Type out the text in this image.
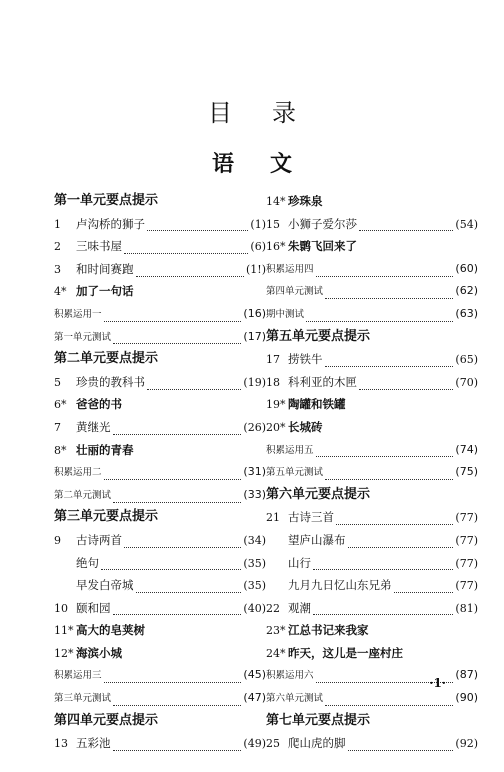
目录
语文
第一单元要点提示
1	卢沟桥的狮子	(1)
2	三味书屋	(6)
3	和时间赛跑	(1!)
4* 加了一句话
积累运用一	(16)
第一单元测试	(17)
第二单元要点提示
5	珍贵的教科书	(19)
6* 爸爸的书
7	黄继光	(26)
8* 壮丽的青春
积累运用二	(31)
第二单元测试	(33)
第三单元要点提示
9	古诗两首	(34)
绝句	(35)
早发白帝城	(35)
10 颐和园	(40)
11* 高大的皂荚树
12* 海滨小城
积累运用三	(45)
第三单元测试	(47)
第四单元要点提示
13 五彩池	(49)
14* 珍珠泉
15 小狮子爱尔莎	(54)
16* 朱鹮飞回来了
积累运用四	(60)
第四单元测试	(62)
期中测试	(63)
第五单元要点提示
17 捞铁牛	(65)
18 科利亚的木匣	(70)
19* 陶罐和铁罐
20* 长城砖
积累运用五	(74)
第五单元测试	(75)
第六单元要点提示
21 古诗三首	(77)
望庐山瀑布	(77)
山行	(77)
九月九日忆山东兄弟	(77)
22 观潮	(81)
23* 江总书记来我家
24* 昨天，这儿是一座村庄
积累运用六	(87)
第六单元测试	(90)
第七单元要点提示
25 爬山虎的脚	(92)
·1·
